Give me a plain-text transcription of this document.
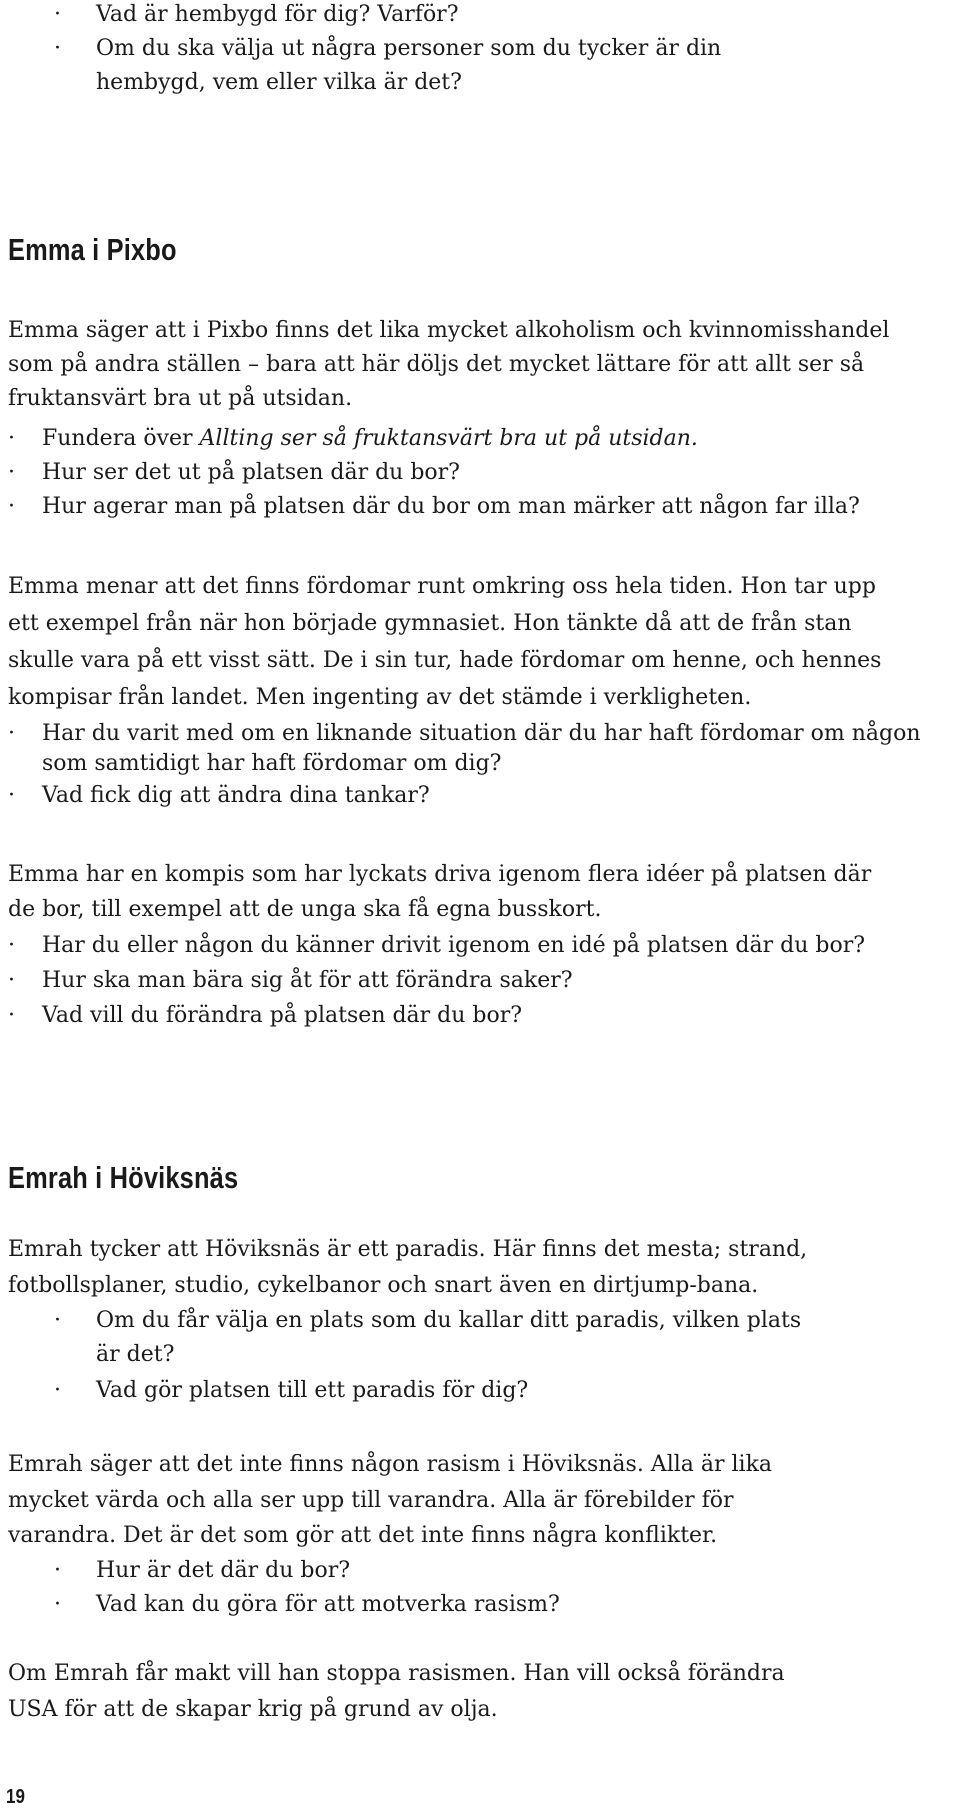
· Vad är hembygd för dig? Varför?
· Om du ska välja ut några personer som du tycker är din
hembygd, vem eller vilka är det?
Emma i Pixbo
Emma säger att i Pixbo finns det lika mycket alkoholism och kvinnomisshandel
som på andra ställen – bara att här döljs det mycket lättare för att allt ser så
fruktansvärt bra ut på utsidan.
· Fundera över Allting ser så fruktansvärt bra ut på utsidan.
· Hur ser det ut på platsen där du bor?
· Hur agerar man på platsen där du bor om man märker att någon far illa?
Emma menar att det finns fördomar runt omkring oss hela tiden. Hon tar upp
ett exempel från när hon började gymnasiet. Hon tänkte då att de från stan
skulle vara på ett visst sätt. De i sin tur, hade fördomar om henne, och hennes
kompisar från landet. Men ingenting av det stämde i verkligheten.
· Har du varit med om en liknande situation där du har haft fördomar om någon
som samtidigt har haft fördomar om dig?
· Vad fick dig att ändra dina tankar?
Emma har en kompis som har lyckats driva igenom flera idéer på platsen där
de bor, till exempel att de unga ska få egna busskort.
· Har du eller någon du känner drivit igenom en idé på platsen där du bor?
· Hur ska man bära sig åt för att förändra saker?
· Vad vill du förändra på platsen där du bor?
Emrah i Höviksnäs
Emrah tycker att Höviksnäs är ett paradis. Här finns det mesta; strand,
fotbollsplaner, studio, cykelbanor och snart även en dirtjump-bana.
· Om du får välja en plats som du kallar ditt paradis, vilken plats
är det?
· Vad gör platsen till ett paradis för dig?
Emrah säger att det inte finns någon rasism i Höviksnäs. Alla är lika
mycket värda och alla ser upp till varandra. Alla är förebilder för
varandra. Det är det som gör att det inte finns några konflikter.
· Hur är det där du bor?
· Vad kan du göra för att motverka rasism?
Om Emrah får makt vill han stoppa rasismen. Han vill också förändra
USA för att de skapar krig på grund av olja.
19
